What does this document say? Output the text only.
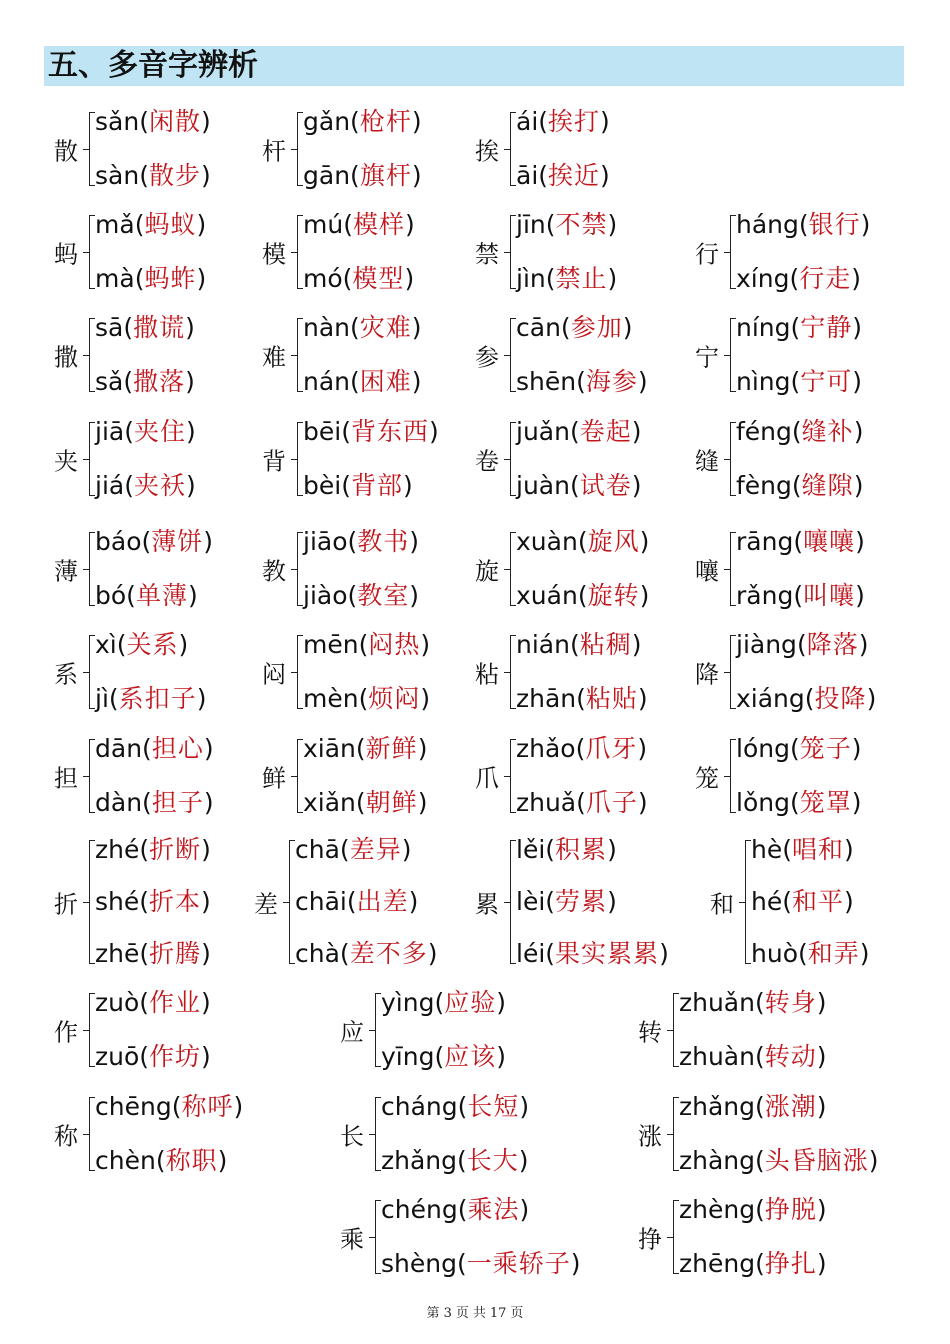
五、多音字辨析
散
sǎn(闲散)
sàn(散步)
杆
gǎn(枪杆)
gān(旗杆)
挨
ái(挨打)
āi(挨近)
蚂
mǎ(蚂蚁)
mà(蚂蚱)
模
mú(模样)
mó(模型)
禁
jīn(不禁)
jìn(禁止)
行
háng(银行)
xíng(行走)
撒
sā(撒谎)
sǎ(撒落)
难
nàn(灾难)
nán(困难)
参
cān(参加)
shēn(海参)
宁
níng(宁静)
nìng(宁可)
夹
jiā(夹住)
jiá(夹袄)
背
bēi(背东西)
bèi(背部)
卷
juǎn(卷起)
juàn(试卷)
缝
féng(缝补)
fèng(缝隙)
薄
báo(薄饼)
bó(单薄)
教
jiāo(教书)
jiào(教室)
旋
xuàn(旋风)
xuán(旋转)
嚷
rāng(嚷嚷)
rǎng(叫嚷)
系
xì(关系)
jì(系扣子)
闷
mēn(闷热)
mèn(烦闷)
粘
nián(粘稠)
zhān(粘贴)
降
jiàng(降落)
xiáng(投降)
担
dān(担心)
dàn(担子)
鲜
xiān(新鲜)
xiǎn(朝鲜)
爪
zhǎo(爪牙)
zhuǎ(爪子)
笼
lóng(笼子)
lǒng(笼罩)
折
zhé(折断)
shé(折本)
zhē(折腾)
差
chā(差异)
chāi(出差)
chà(差不多)
累
lěi(积累)
lèi(劳累)
léi(果实累累)
和
hè(唱和)
hé(和平)
huò(和弄)
作
zuò(作业)
zuō(作坊)
应
yìng(应验)
yīng(应该)
转
zhuǎn(转身)
zhuàn(转动)
称
chēng(称呼)
chèn(称职)
长
cháng(长短)
zhǎng(长大)
涨
zhǎng(涨潮)
zhàng(头昏脑涨)
乘
chéng(乘法)
shèng(一乘轿子)
挣
zhèng(挣脱)
zhēng(挣扎)
第 3 页 共 17 页
